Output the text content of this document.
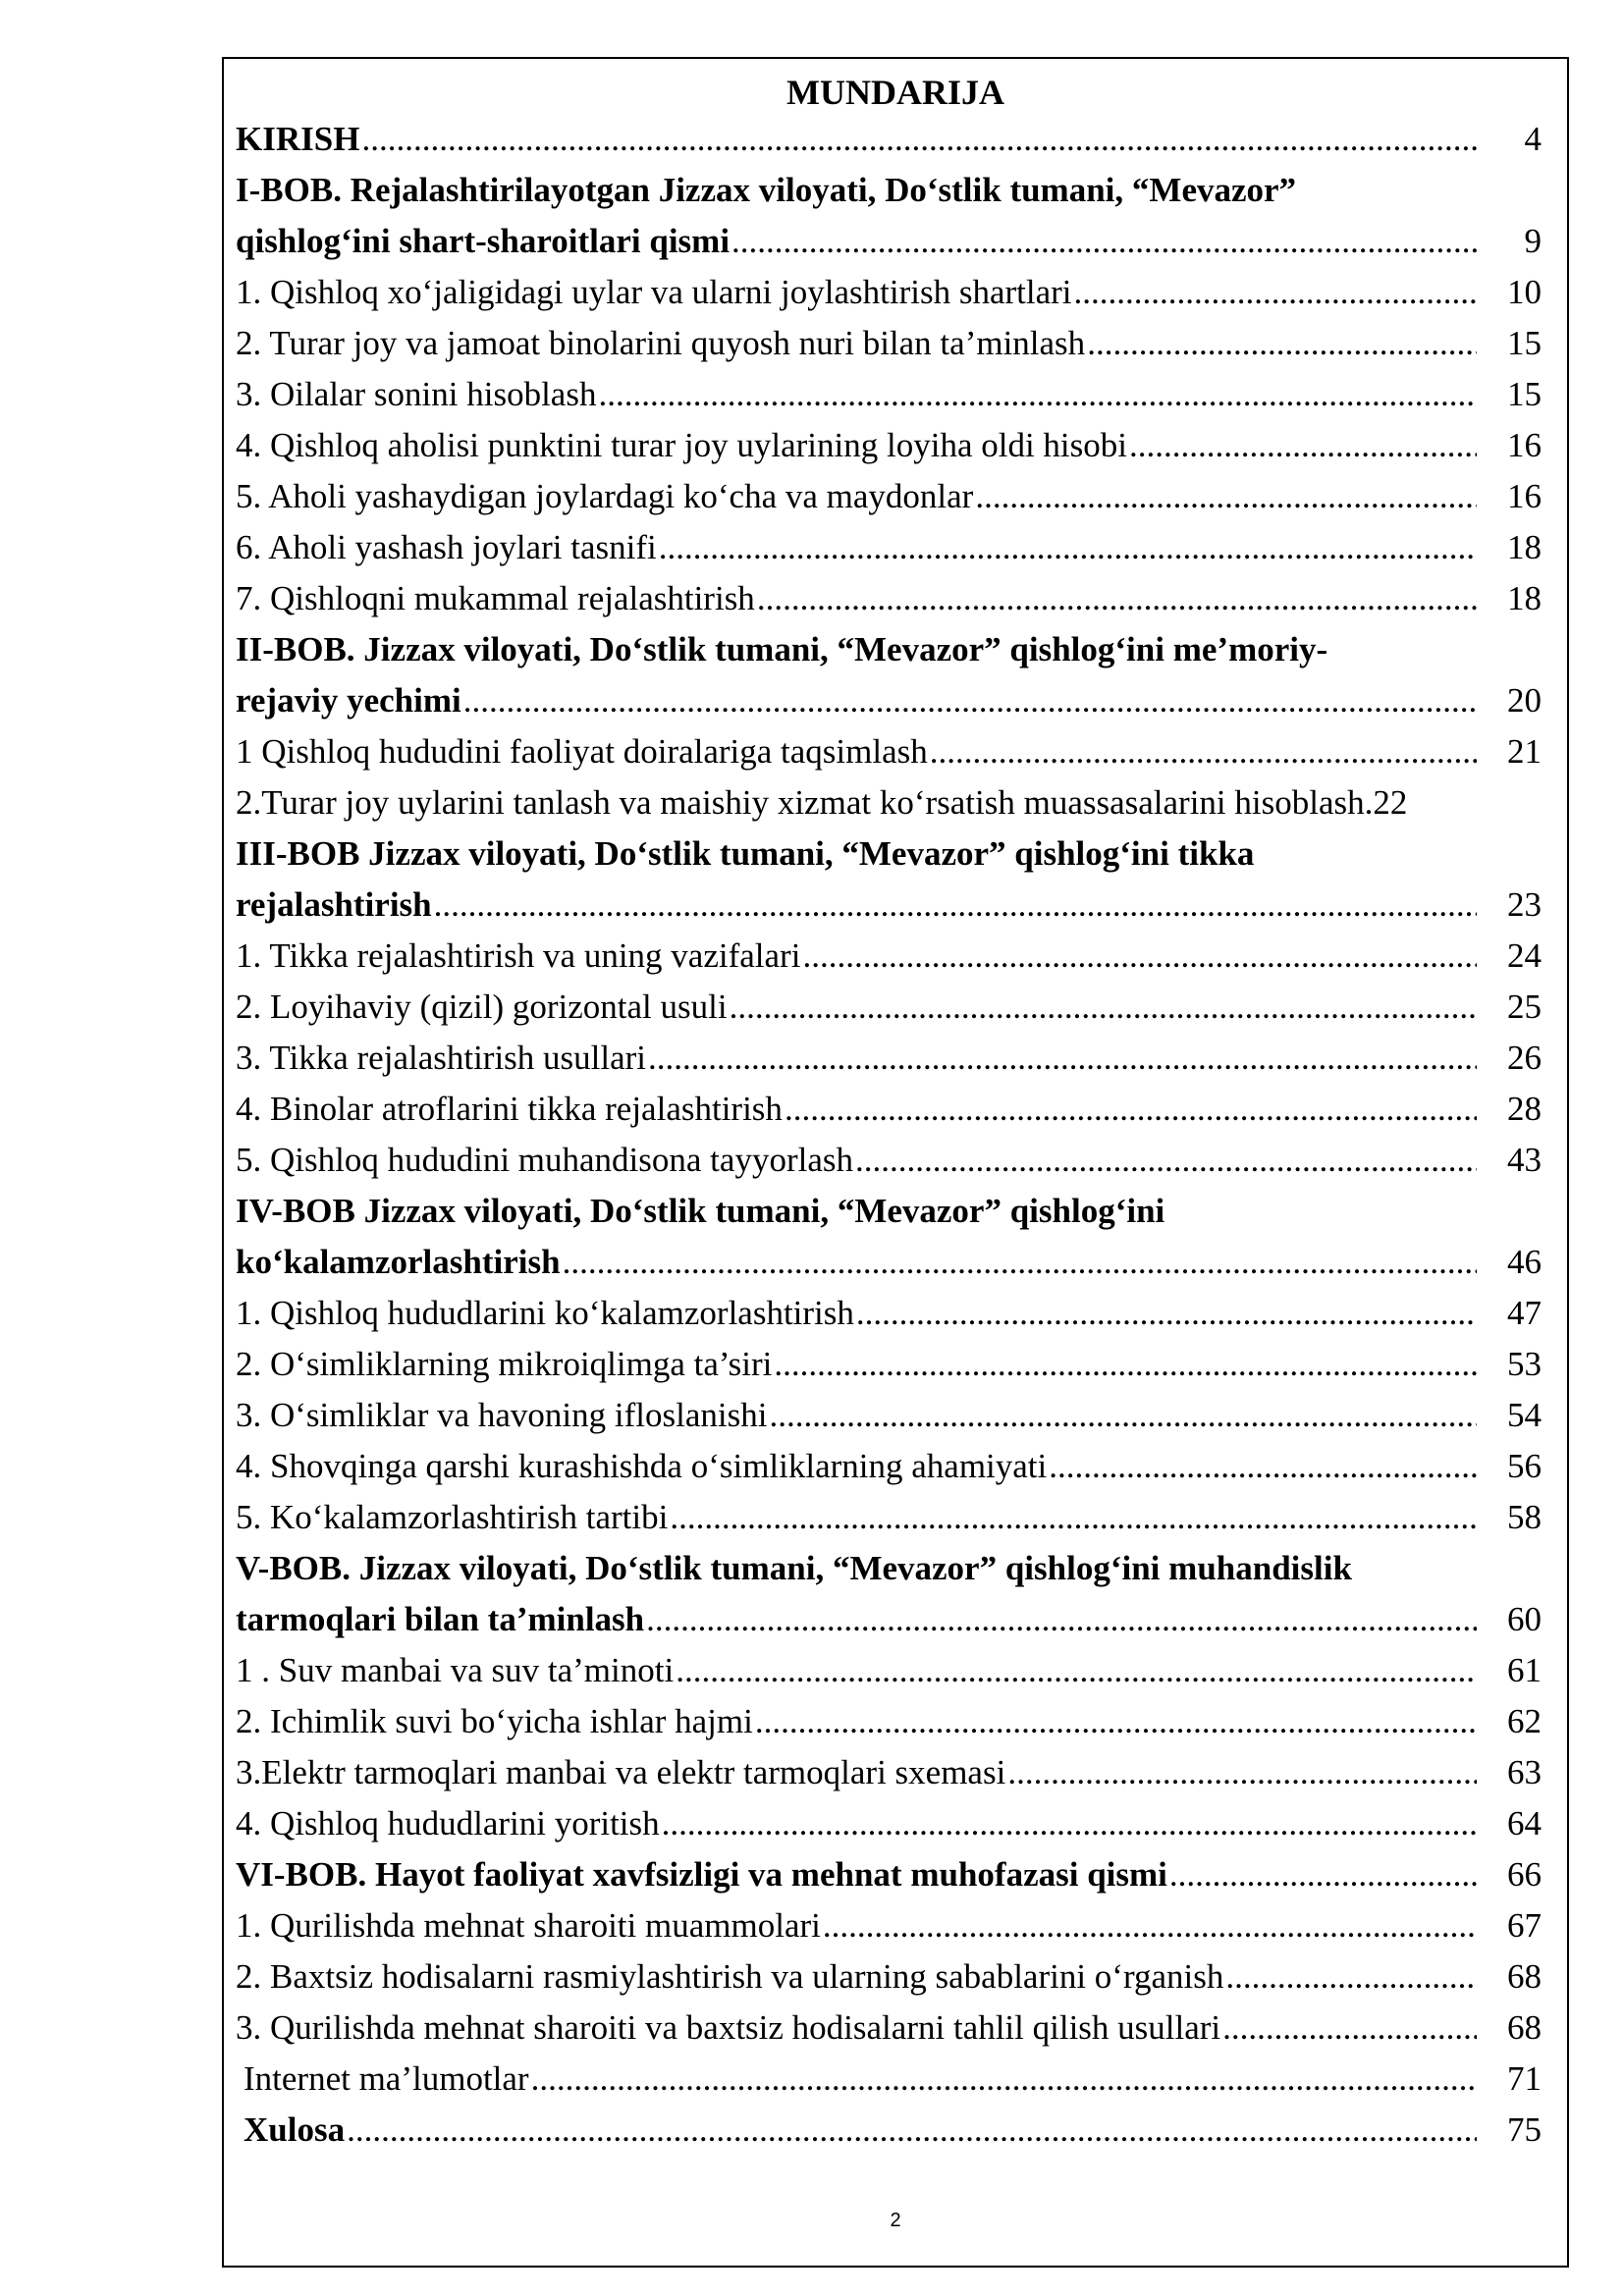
MUNDARIJA
KIRISH .....	4
I-BOB. Rejalashtirilayotgan Jizzax viloyati, Do‘stlik tumani, “Mevazor”
qishlog‘ini shart-sharoitlari qismi .....	9
1. Qishloq xo‘jaligidagi uylar va ularni joylashtirish shartlari .....	10
2. Turar joy va jamoat binolarini quyosh nuri bilan ta’minlash .....	15
3. Oilalar sonini hisoblash .....	15
4. Qishloq aholisi punktini turar joy uylarining loyiha oldi hisobi .....	16
5. Aholi yashaydigan joylardagi ko‘cha va maydonlar .....	16
6. Aholi yashash joylari tasnifi .....	18
7. Qishloqni mukammal rejalashtirish .....	18
II-BOB. Jizzax viloyati, Do‘stlik tumani, “Mevazor” qishlog‘ini me’moriy-
rejaviy yechimi .....	20
1 Qishloq hududini faoliyat doiralariga taqsimlash .....	21
2.Turar joy uylarini tanlash va maishiy xizmat ko‘rsatish muassasalarini hisoblash. 22
III-BOB Jizzax viloyati, Do‘stlik tumani, “Mevazor” qishlog‘ini tikka
rejalashtirish .....	23
1. Tikka rejalashtirish va uning vazifalari .....	24
2. Loyihaviy (qizil) gorizontal usuli .....	25
3. Tikka rejalashtirish usullari .....	26
4. Binolar atroflarini tikka rejalashtirish .....	28
5. Qishloq hududini muhandisona tayyorlash .....	43
IV-BOB Jizzax viloyati, Do‘stlik tumani, “Mevazor” qishlog‘ini
ko‘kalamzorlashtirish .....	46
1. Qishloq hududlarini ko‘kalamzorlashtirish .....	47
2. O‘simliklarning mikroiqlimga ta’siri .....	53
3. O‘simliklar va havoning ifloslanishi .....	54
4. Shovqinga qarshi kurashishda o‘simliklarning ahamiyati .....	56
5. Ko‘kalamzorlashtirish tartibi .....	58
V-BOB. Jizzax viloyati, Do‘stlik tumani, “Mevazor” qishlog‘ini muhandislik
tarmoqlari bilan ta’minlash .....	60
1 . Suv manbai va suv ta’minoti .....	61
2. Ichimlik suvi bo‘yicha ishlar hajmi .....	62
3.Elektr tarmoqlari manbai va elektr tarmoqlari sxemasi .....	63
4. Qishloq hududlarini yoritish .....	64
VI-BOB. Hayot faoliyat xavfsizligi va mehnat muhofazasi qismi .....	66
1. Qurilishda mehnat sharoiti muammolari .....	67
2. Baxtsiz hodisalarni rasmiylashtirish va ularning sabablarini o‘rganish .....	68
3. Qurilishda mehnat sharoiti va baxtsiz hodisalarni tahlil qilish usullari .....	68
Internet ma’lumotlar .....	71
Xulosa .....	75
2
